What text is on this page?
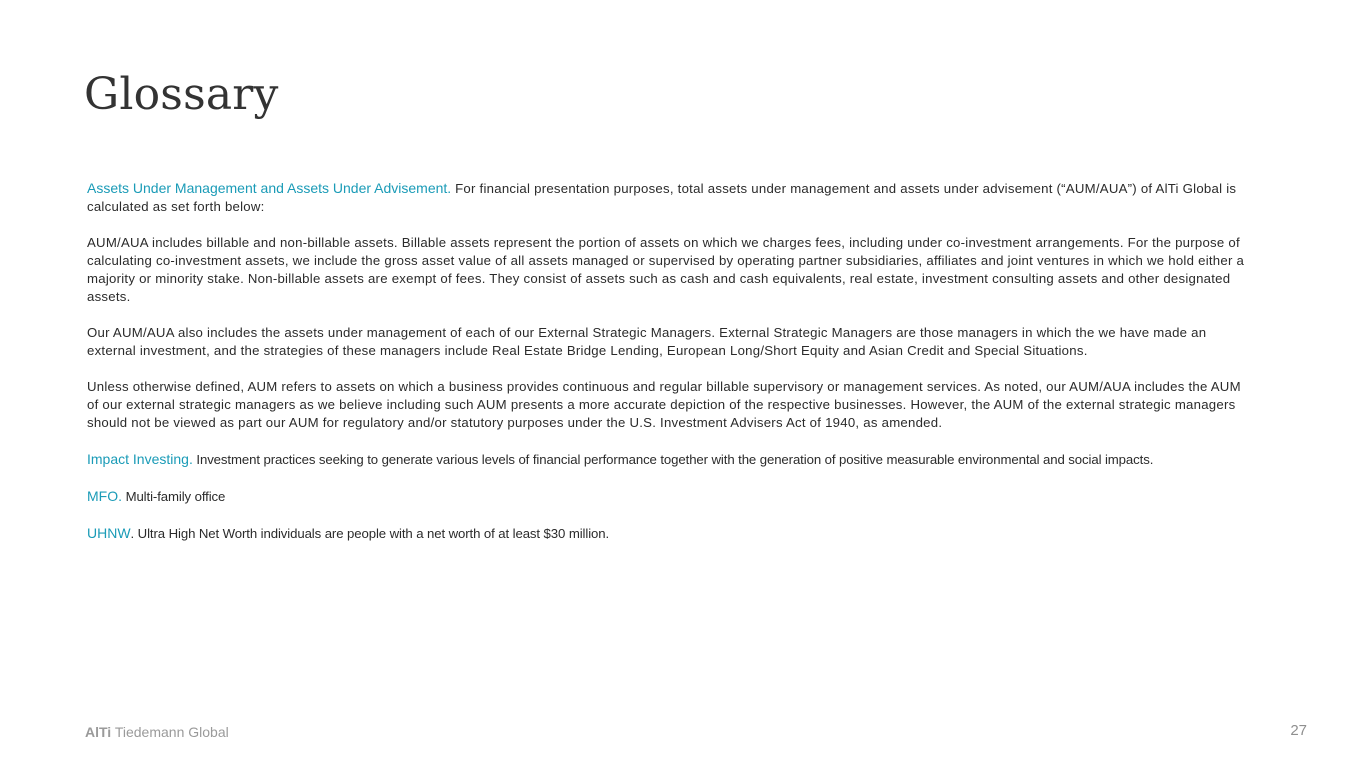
Glossary

Assets Under Management and Assets Under Advisement. For financial presentation purposes, total assets under management and assets under advisement (“AUM/AUA”) of AlTi Global is calculated as set forth below:

AUM/AUA includes billable and non-billable assets. Billable assets represent the portion of assets on which we charges fees, including under co-investment arrangements. For the purpose of calculating co-investment assets, we include the gross asset value of all assets managed or supervised by operating partner subsidiaries, affiliates and joint ventures in which we hold either a majority or minority stake. Non-billable assets are exempt of fees. They consist of assets such as cash and cash equivalents, real estate, investment consulting assets and other designated assets.

Our AUM/AUA also includes the assets under management of each of our External Strategic Managers. External Strategic Managers are those managers in which the we have made an external investment, and the strategies of these managers include Real Estate Bridge Lending, European Long/Short Equity and Asian Credit and Special Situations.

Unless otherwise defined, AUM refers to assets on which a business provides continuous and regular billable supervisory or management services. As noted, our AUM/AUA includes the AUM of our external strategic managers as we believe including such AUM presents a more accurate depiction of the respective businesses. However, the AUM of the external strategic managers should not be viewed as part our AUM for regulatory and/or statutory purposes under the U.S. Investment Advisers Act of 1940, as amended.

Impact Investing. Investment practices seeking to generate various levels of financial performance together with the generation of positive measurable environmental and social impacts.

MFO. Multi-family office

UHNW. Ultra High Net Worth individuals are people with a net worth of at least $30 million.

AlTi Tiedemann Global	27
